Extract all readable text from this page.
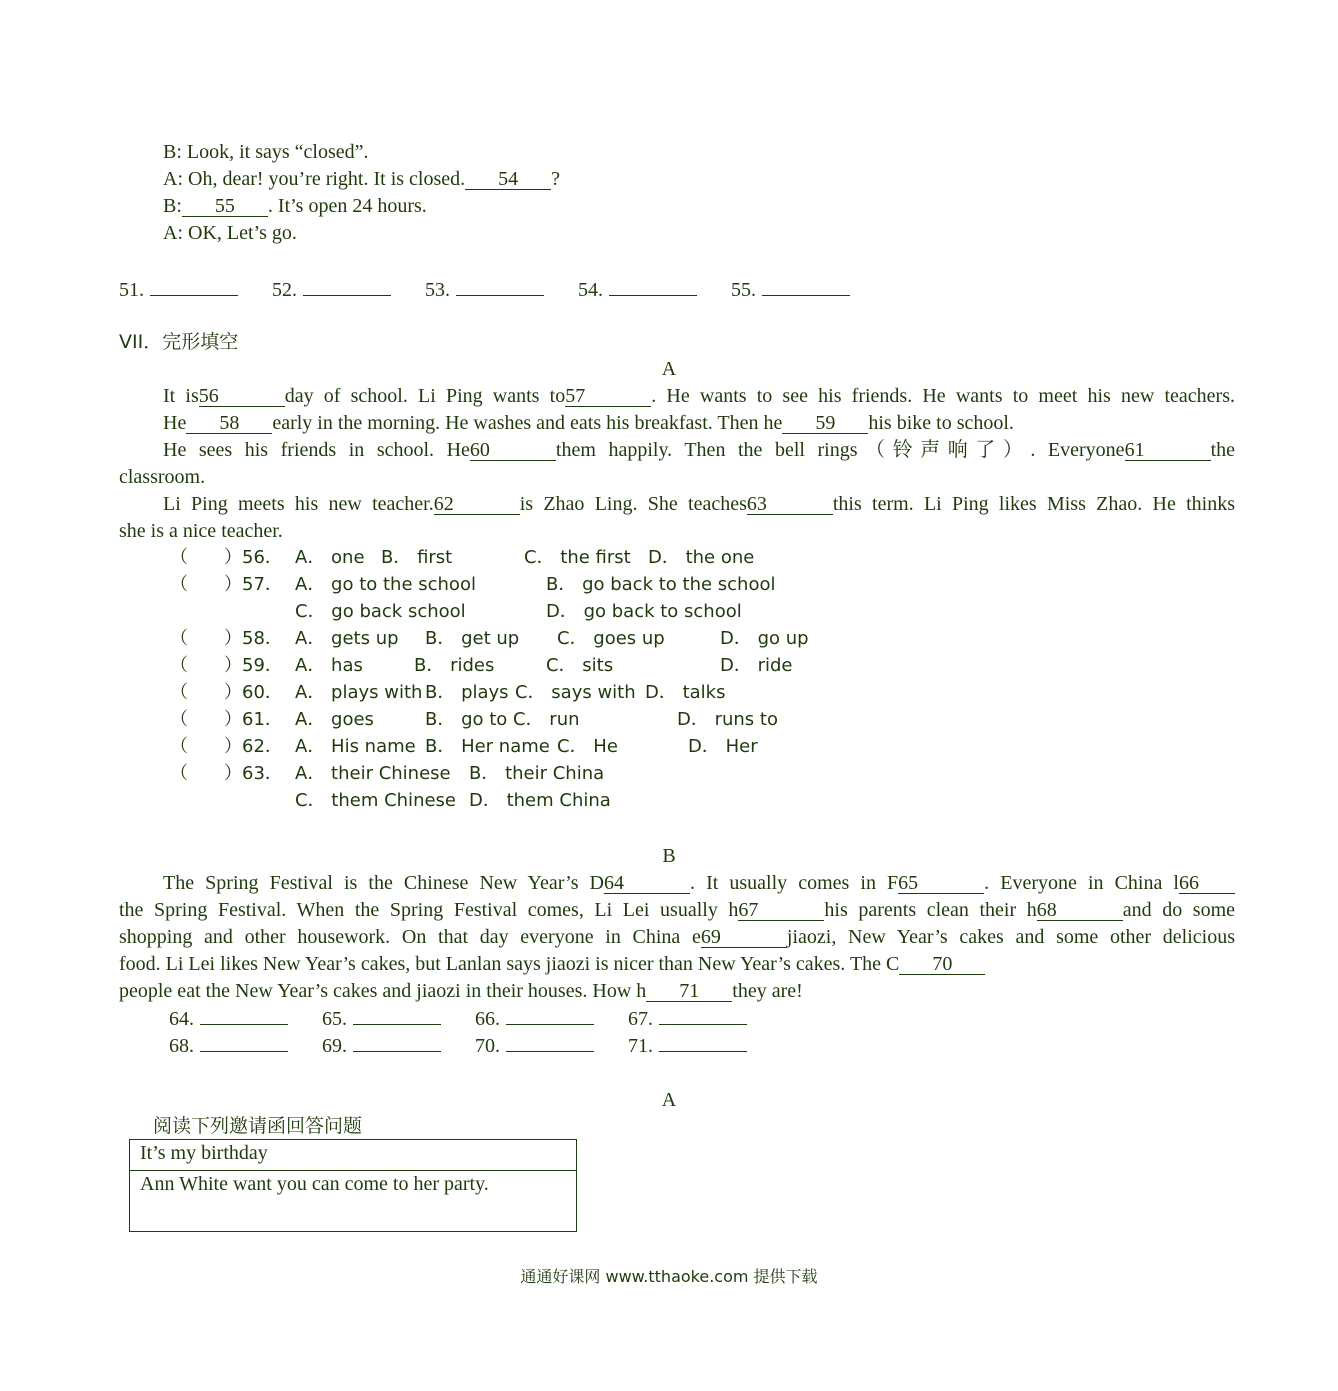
B: Look, it says “closed”.
A: Oh, dear! you’re right. It is closed. 54 ?
B: 55 . It’s open 24 hours.
A: OK, Let’s go.
51.	52.	53.	54.	55.
VII．完形填空
A
It is56	day of school. Li Ping wants to57	. He wants to see his friends. He wants to meet his new teachers.
He 58 early in the morning. He washes and eats his breakfast. Then he 59 his bike to school.
He sees his friends in school. He60	them happily. Then the bell rings（铃声响了）. Everyone61	the
classroom.
Li Ping meets his new teacher.62	is Zhao Ling. She teaches63	this term. Li Ping likes Miss Zhao. He thinks
she is a nice teacher.
（　　）56． A． one B． first	C． the first D． the one
（　　）57． A． go to the school	B． go back to the school
C． go back school	D． go back to school
（　　）58． A． gets up B． get up C． goes up	D． go up
（　　）59． A． has	B． rides	C． sits	D． ride
（　　）60． A． plays with B． plays C． says with D． talks
（　　）61． A． goes	B． go to C． run	D． runs to
（　　）62． A． His name B． Her name C． He	D． Her
（　　）63． A． their Chinese B． their China
C． them Chinese D． them China
B
The Spring Festival is the Chinese New Year’s D64	. It usually comes in F65	. Everyone in China l66
the Spring Festival. When the Spring Festival comes, Li Lei usually h67	his parents clean their h68	and do some
shopping and other housework. On that day everyone in China e69	jiaozi, New Year’s cakes and some other delicious
food. Li Lei likes New Year’s cakes, but Lanlan says jiaozi is nicer than New Year’s cakes. The C 70
people eat the New Year’s cakes and jiaozi in their houses. How h 71 they are!
64.	65.	66.	67.
68.	69.	70.	71.
A
阅读下列邀请函回答问题
It’s my birthday
Ann White want you can come to her party.
通通好课网 www.tthaoke.com 提供下载
